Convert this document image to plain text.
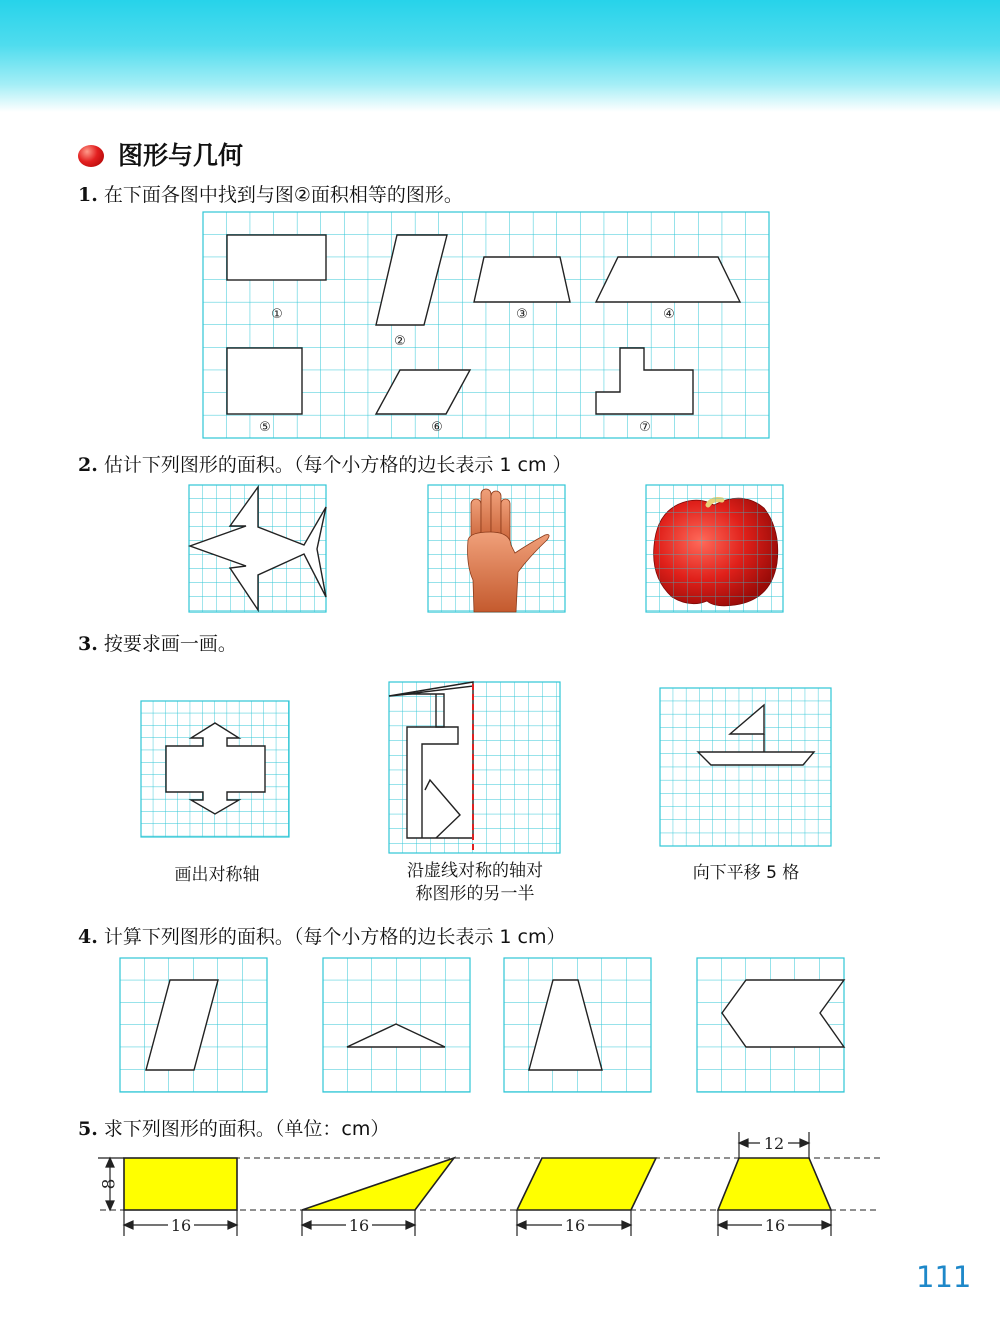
图形与几何
1. 在下面各图中找到与图②面积相等的图形。
2. 估计下列图形的面积。（每个小方格的边长表示 1 cm ）
3. 按要求画一画。
4. 计算下列图形的面积。（每个小方格的边长表示 1 cm）
5. 求下列图形的面积。（单位：cm）
画出对称轴	沿虚线对称的轴对
称图形的另一半
向下平移 5 格
①
②
③	④
⑤	⑥	⑦
8
16	16	16	16
12
111
